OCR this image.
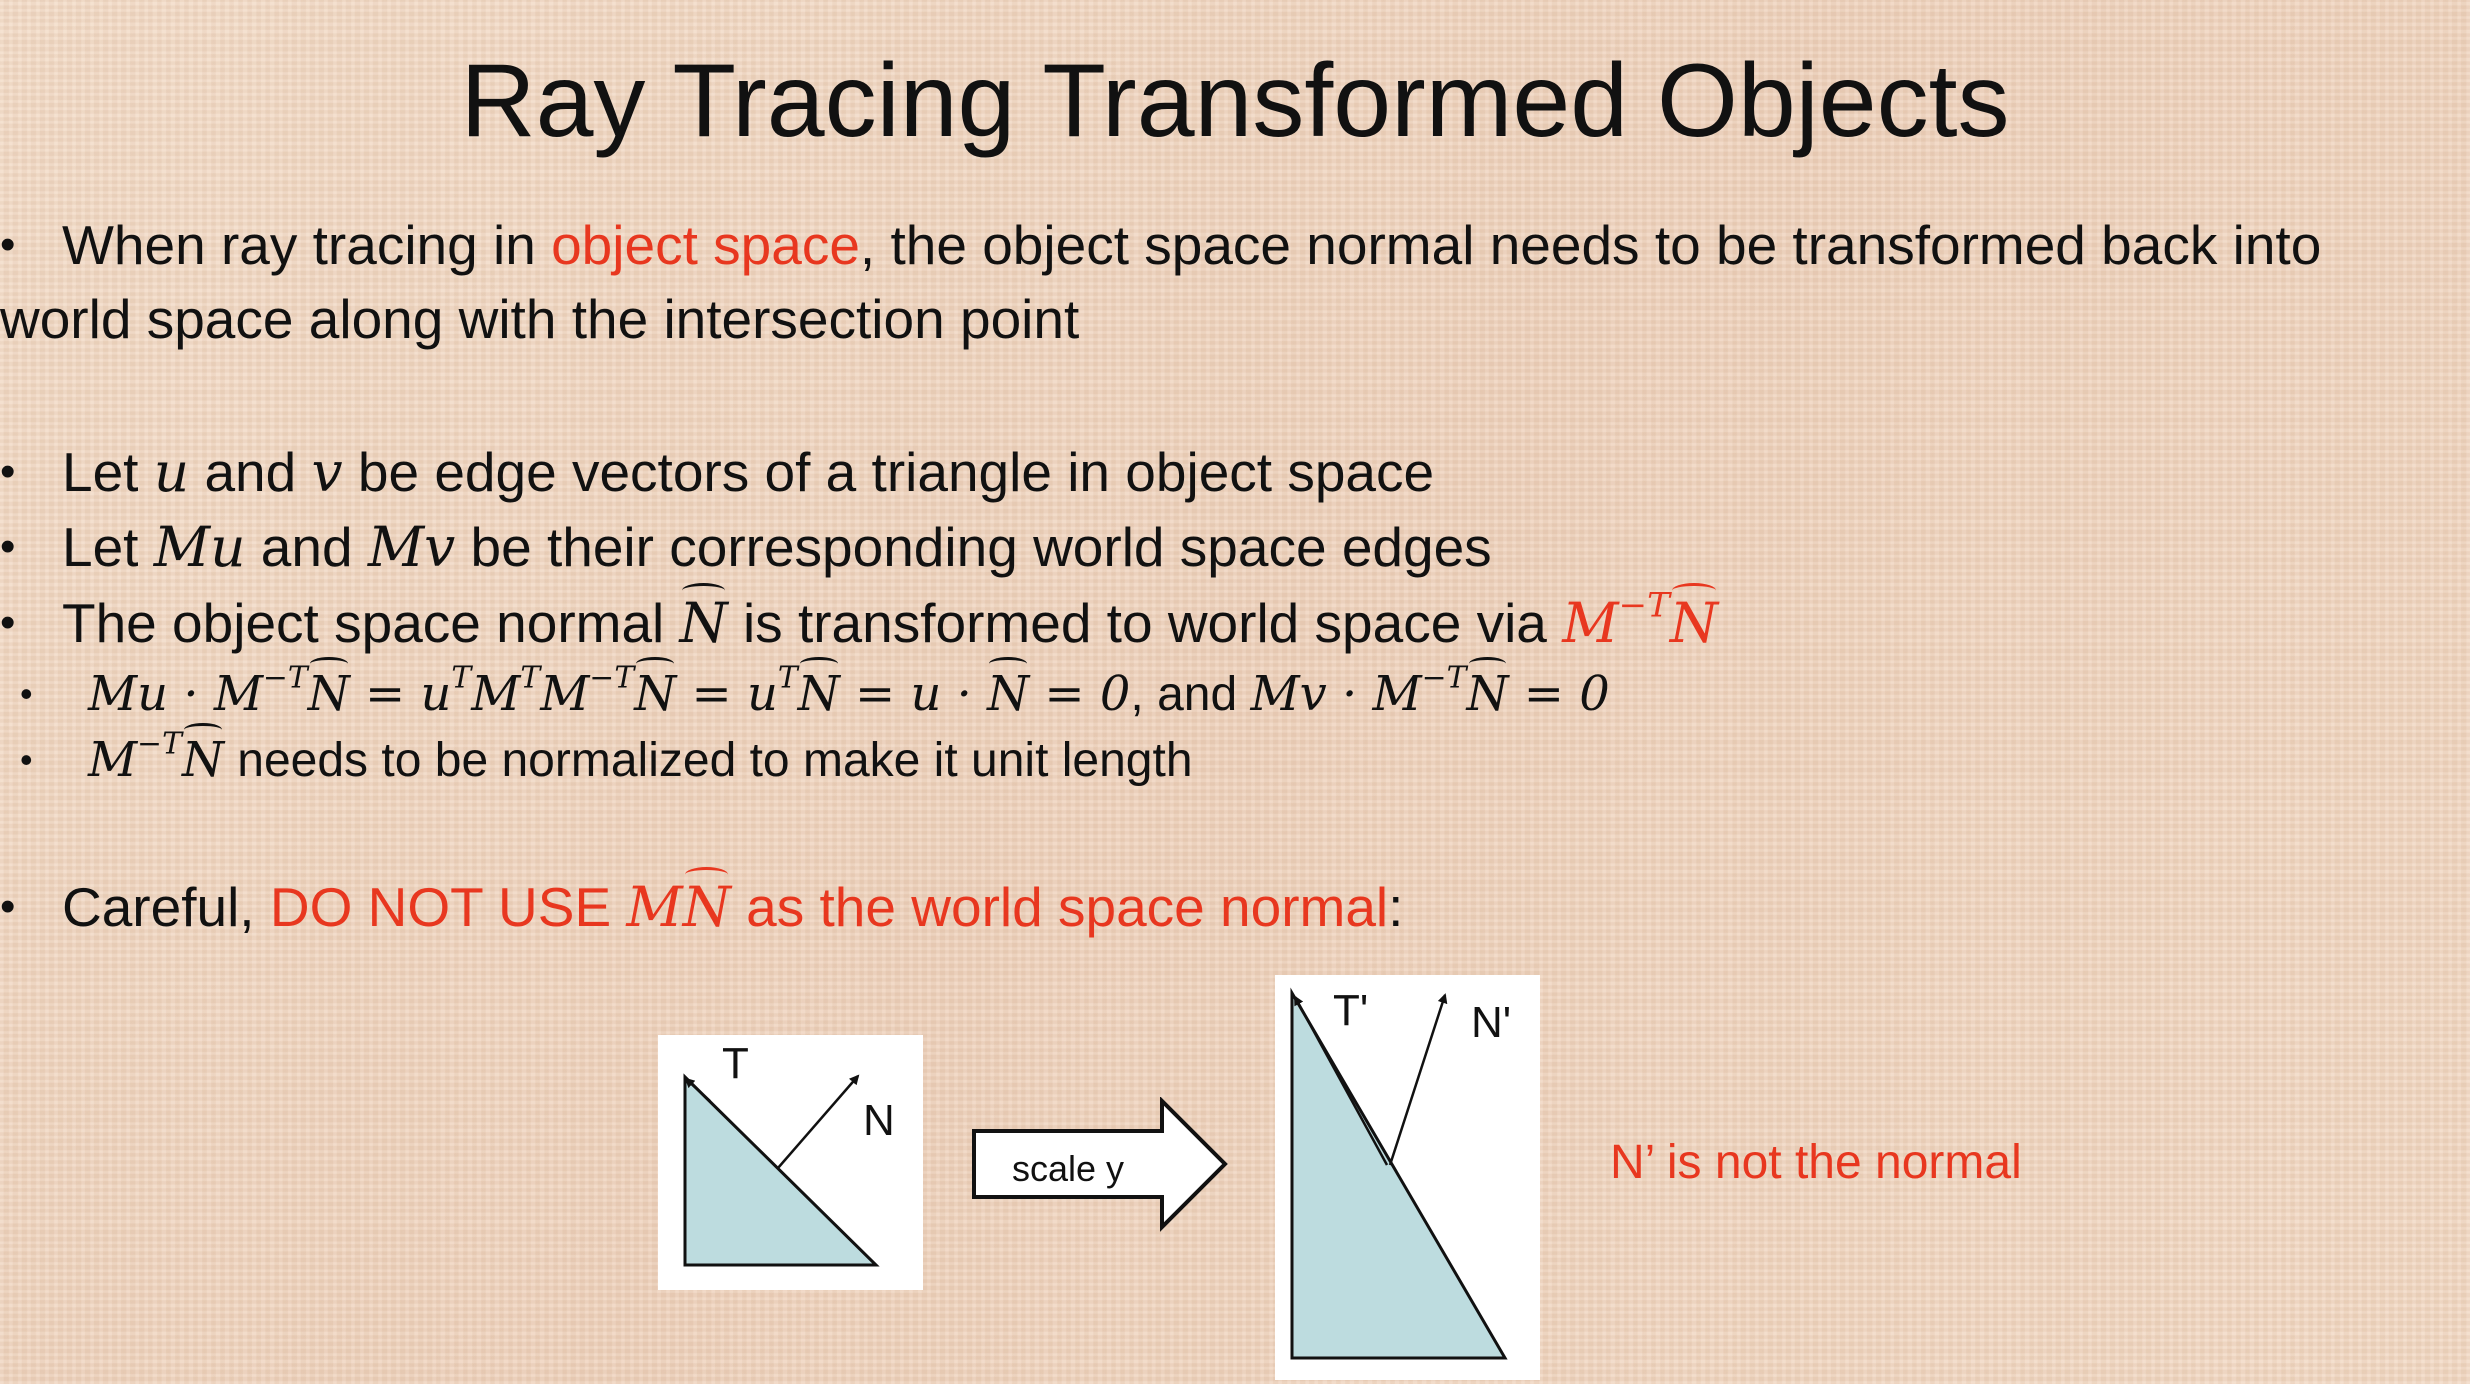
Ray Tracing Transformed Objects
• When ray tracing in object space, the object space normal needs to be transformed back into
world space along with the intersection point
• Let u and v be edge vectors of a triangle in object space
• Let Mu and Mv be their corresponding world space edges
• The object space normal N is transformed to world space via $M^{-T}N$
• $Mu \cdot M^{-T}N = u^TM^TM^{-T}N = u^TN = u \cdot N = 0$, and $Mv \cdot M^{-T}N = 0$
• $M^{-T}N$ needs to be normalized to make it unit length
• Careful, DO NOT USE MN as the world space normal:
T
N
scale y
T' N'
N’ is not the normal
